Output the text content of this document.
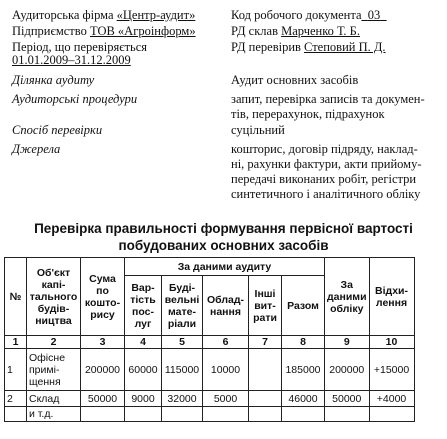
Аудиторська фірма «Центр-аудит»
Підприємство ТОВ «Агроінформ»
Період, що перевіряється
01.01.2009–31.12.2009
Ділянка аудиту
Аудиторські процедури
Спосіб перевірки
Джерела
Код робочого документа_03_
РД склав Марченко Т. Б.
РД перевірив Степовий П. Д.
Аудит основних засобів
запит, перевірка записів та докумен-
тів, перерахунок, підрахунок
суцільний
кошторис, договір підряду, наклад-
ні, рахунки фактури, акти прийому-
передачі виконаних робіт, регістри
синтетичного і аналітичного обліку
Перевірка правильності формування первісної вартості
побудованих основних засобів
№	Об'єкт капі-тального будів-ництва	Сума по кошто-рису	За даними аудиту					За даними обліку	Відхи-лення
			Вар-тість пос-луг	Буді-вельні мате-ріали	Облад-нання	Інші вит-рати	Разом		
1	2	3	4	5	6	7	8	9	10
1	Офісне примі-щення	200000	60000	115000	10000		185000	200000	+15000
2	Склад	50000	9000	32000	5000		46000	50000	+4000
	и т.д.								
